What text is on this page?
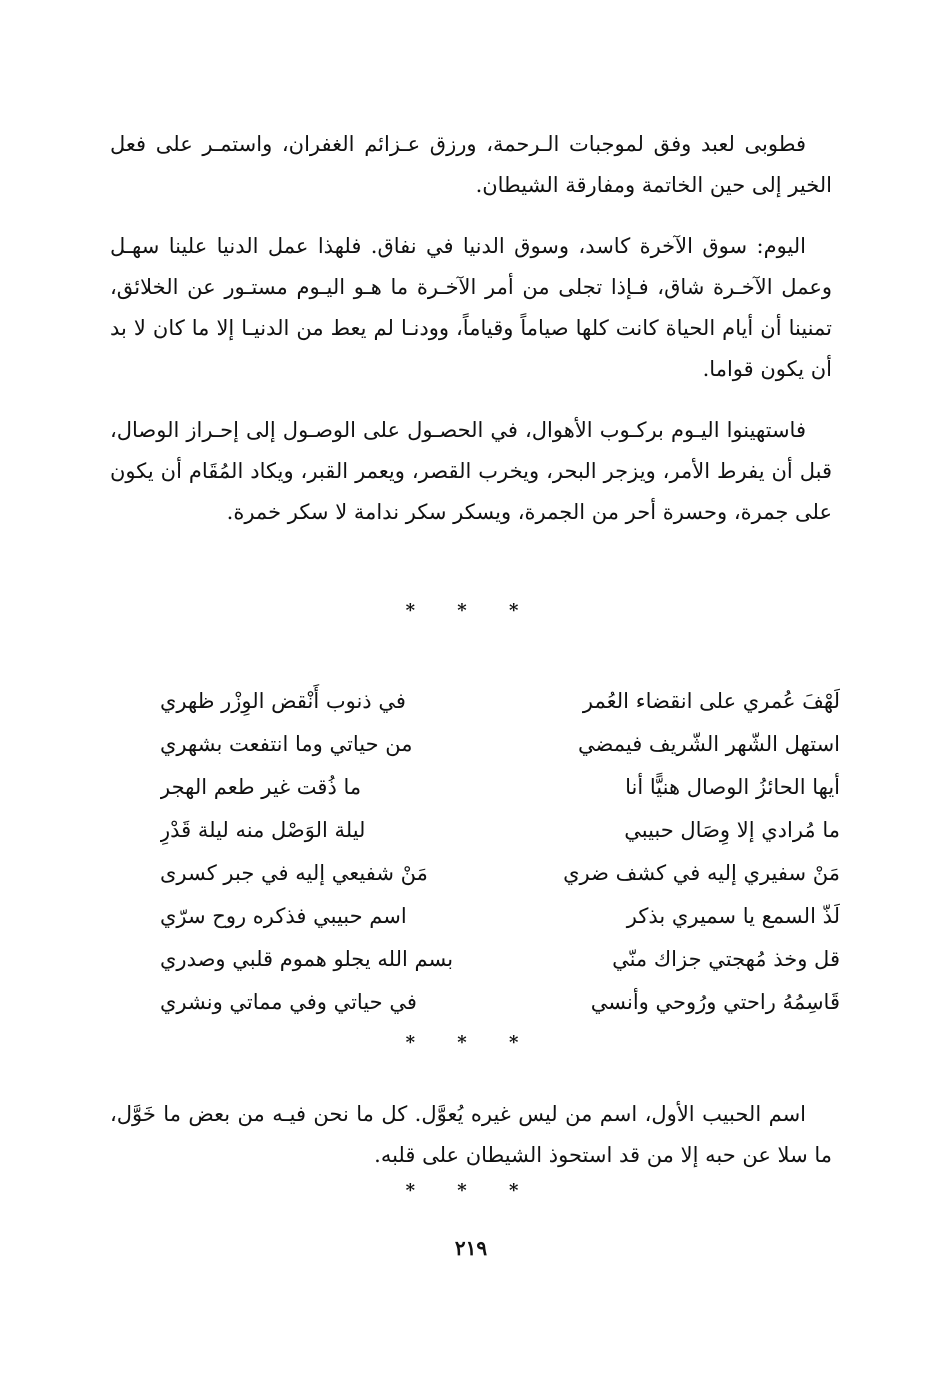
فطوبى لعبد وفق لموجبات الـرحمة، ورزق عـزائم الغفران، واستمـر على فعل الخير إلى حين الخاتمة ومفارقة الشيطان.

اليوم: سوق الآخرة كاسد، وسوق الدنيا في نفاق. فلهذا عمل الدنيا علينا سهـل وعمل الآخـرة شاق، فـإذا تجلى من أمر الآخـرة ما هـو اليـوم مستـور عن الخلائق، تمنينا أن أيام الحياة كانت كلها صياماً وقياماً، وودنـا لم يعط من الدنيـا إلا ما كان لا بد أن يكون قواما.

فاستهينوا اليـوم بركـوب الأهوال، في الحصـول على الوصـول إلى إحـراز الوصال، قبل أن يفرط الأمر، ويزجر البحر، ويخرب القصر، ويعمر القبر، ويكاد المُقَام أن يكون على جمرة، وحسرة أحر من الجمرة، ويسكر سكر ندامة لا سكر خمرة.

* * *
لَهْفَ عُمري على انقضاء العُمر
في ذنوب أَنْقض الوِزْر ظهري
استهل الشّهر الشّريف فيمضي
من حياتي وما انتفعت بشهري
أيها الحائزُ الوصال هنيًّا أنا
ما ذُقت غير طعم الهجر
ما مُرادي إلا وِصَال حبيبي
ليلة الوَصْل منه ليلة قَدْرِ
مَنْ سفيري إليه في كشف ضري
مَنْ شفيعي إليه في جبر كسرى
لَذّ السمع يا سميري بذكر
اسم حبيبي فذكره روح سرّي
قل وخذ مُهجتي جزاك منّي
بسم الله يجلو هموم قلبي وصدري
قَاسِمُهُ راحتي ورُوحي وأنسي
في حياتي وفي مماتي ونشري
* * *

اسم الحبيب الأول، اسم من ليس غيره يُعوَّل. كل ما نحن فيـه من بعض ما خَوَّل، ما سلا عن حبه إلا من قد استحوذ الشيطان على قلبه.

* * *
٢١٩
